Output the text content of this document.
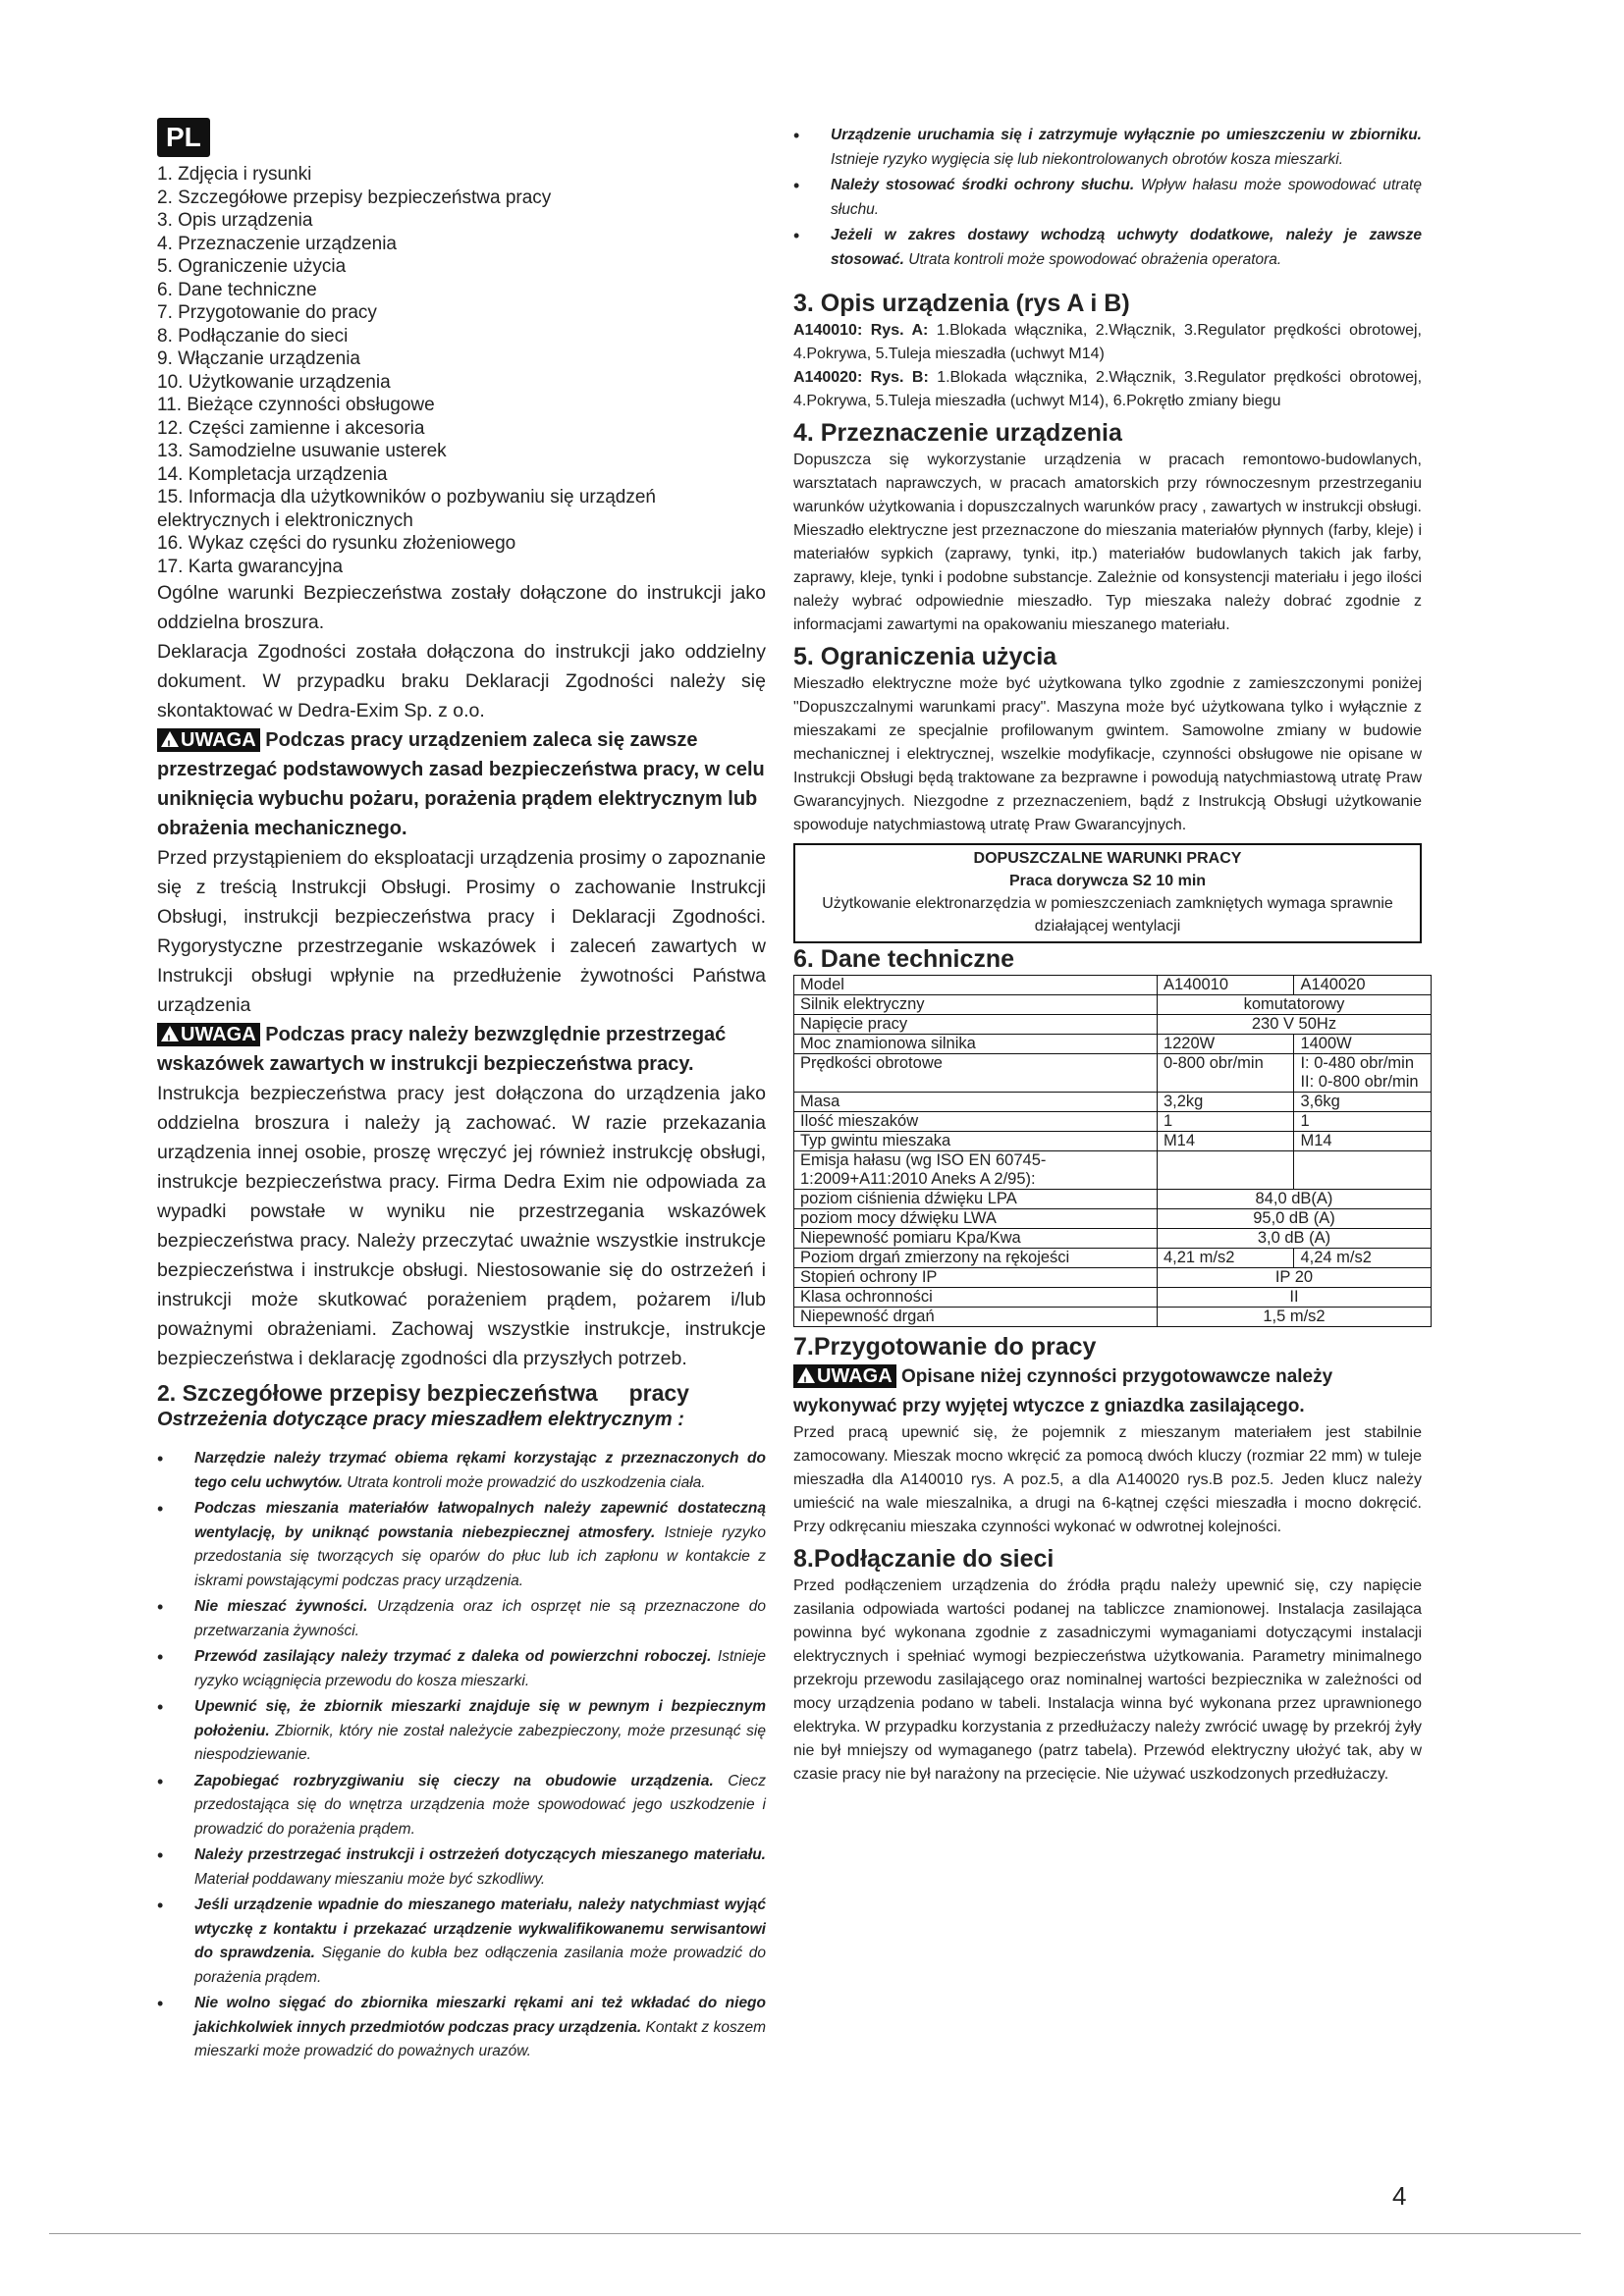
PL
1. Zdjęcia i rysunki
2. Szczegółowe przepisy bezpieczeństwa pracy
3. Opis urządzenia
4. Przeznaczenie urządzenia
5. Ograniczenie użycia
6. Dane techniczne
7. Przygotowanie do pracy
8. Podłączanie do sieci
9. Włączanie urządzenia
10. Użytkowanie urządzenia
11. Bieżące czynności obsługowe
12. Części zamienne i akcesoria
13. Samodzielne usuwanie usterek
14. Kompletacja urządzenia
15. Informacja dla użytkowników o pozbywaniu się urządzeń elektrycznych i elektronicznych
16. Wykaz części do rysunku złożeniowego
17. Karta gwarancyjna

Ogólne warunki Bezpieczeństwa zostały dołączone do instrukcji jako oddzielna broszura.

Deklaracja Zgodności została dołączona do instrukcji jako oddzielny dokument. W przypadku braku Deklaracji Zgodności należy się skontaktować w Dedra-Exim Sp. z o.o.

!UWAGA Podczas pracy urządzeniem zaleca się zawsze przestrzegać podstawowych zasad bezpieczeństwa pracy, w celu uniknięcia wybuchu pożaru, porażenia prądem elektrycznym lub obrażenia mechanicznego.

Przed przystąpieniem do eksploatacji urządzenia prosimy o zapoznanie się z treścią Instrukcji Obsługi. Prosimy o zachowanie Instrukcji Obsługi, instrukcji bezpieczeństwa pracy i Deklaracji Zgodności. Rygorystyczne przestrzeganie wskazówek i zaleceń zawartych w Instrukcji obsługi wpłynie na przedłużenie żywotności Państwa urządzenia

!UWAGA Podczas pracy należy bezwzględnie przestrzegać wskazówek zawartych w instrukcji bezpieczeństwa pracy.

Instrukcja bezpieczeństwa pracy jest dołączona do urządzenia jako oddzielna broszura i należy ją zachować. W razie przekazania urządzenia innej osobie, proszę wręczyć jej również instrukcję obsługi, instrukcje bezpieczeństwa pracy. Firma Dedra Exim nie odpowiada za wypadki powstałe w wyniku nie przestrzegania wskazówek bezpieczeństwa pracy. Należy przeczytać uważnie wszystkie instrukcje bezpieczeństwa i instrukcje obsługi. Niestosowanie się do ostrzeżeń i instrukcji może skutkować porażeniem prądem, pożarem i/lub poważnymi obrażeniami. Zachowaj wszystkie instrukcje, instrukcje bezpieczeństwa i deklarację zgodności dla przyszłych potrzeb.

2. Szczegółowe przepisy bezpieczeństwa     pracy
Ostrzeżenia dotyczące pracy mieszadłem elektrycznym :
• Narzędzie należy trzymać obiema rękami korzystając z przeznaczonych do tego celu uchwytów. Utrata kontroli może prowadzić do uszkodzenia ciała.
• Podczas mieszania materiałów łatwopalnych należy zapewnić dostateczną wentylację, by uniknąć powstania niebezpiecznej atmosfery. Istnieje ryzyko przedostania się tworzących się oparów do płuc lub ich zapłonu w kontakcie z iskrami powstającymi podczas pracy urządzenia.
• Nie mieszać żywności. Urządzenia oraz ich osprzęt nie są przeznaczone do przetwarzania żywności.
• Przewód zasilający należy trzymać z daleka od powierzchni roboczej. Istnieje ryzyko wciągnięcia przewodu do kosza mieszarki.
• Upewnić się, że zbiornik mieszarki znajduje się w pewnym i bezpiecznym położeniu. Zbiornik, który nie został należycie zabezpieczony, może przesunąć się niespodziewanie.
• Zapobiegać rozbryzgiwaniu się cieczy na obudowie urządzenia. Ciecz przedostająca się do wnętrza urządzenia może spowodować jego uszkodzenie i prowadzić do porażenia prądem.
• Należy przestrzegać instrukcji i ostrzeżeń dotyczących mieszanego materiału. Materiał poddawany mieszaniu może być szkodliwy.
• Jeśli urządzenie wpadnie do mieszanego materiału, należy natychmiast wyjąć wtyczkę z kontaktu i przekazać urządzenie wykwalifikowanemu serwisantowi do sprawdzenia. Sięganie do kubła bez odłączenia zasilania może prowadzić do porażenia prądem.
• Nie wolno sięgać do zbiornika mieszarki rękami ani też wkładać do niego jakichkolwiek innych przedmiotów podczas pracy urządzenia. Kontakt z koszem mieszarki może prowadzić do poważnych urazów.
• Urządzenie uruchamia się i zatrzymuje wyłącznie po umieszczeniu w zbiorniku. Istnieje ryzyko wygięcia się lub niekontrolowanych obrotów kosza mieszarki.
• Należy stosować środki ochrony słuchu. Wpływ hałasu może spowodować utratę słuchu.
• Jeżeli w zakres dostawy wchodzą uchwyty dodatkowe, należy je zawsze stosować. Utrata kontroli może spowodować obrażenia operatora.
3. Opis urządzenia (rys A i B)

A140010: Rys. A: 1.Blokada włącznika, 2.Włącznik, 3.Regulator prędkości obrotowej, 4.Pokrywa, 5.Tuleja mieszadła (uchwyt M14)

A140020: Rys. B: 1.Blokada włącznika, 2.Włącznik, 3.Regulator prędkości obrotowej, 4.Pokrywa, 5.Tuleja mieszadła (uchwyt M14), 6.Pokrętło zmiany biegu

4. Przeznaczenie urządzenia

Dopuszcza się wykorzystanie urządzenia w pracach remontowo-budowlanych, warsztatach naprawczych, w pracach amatorskich przy równoczesnym przestrzeganiu warunków użytkowania i dopuszczalnych warunków pracy , zawartych w instrukcji obsługi. Mieszadło elektryczne jest przeznaczone do mieszania materiałów płynnych (farby, kleje) i materiałów sypkich (zaprawy, tynki, itp.) materiałów budowlanych takich jak farby, zaprawy, kleje, tynki i podobne substancje. Zależnie od konsystencji materiału i jego ilości należy wybrać odpowiednie mieszadło. Typ mieszaka należy dobrać zgodnie z informacjami zawartymi na opakowaniu mieszanego materiału.

5. Ograniczenia użycia

Mieszadło elektryczne może być użytkowana tylko zgodnie z zamieszczonymi poniżej "Dopuszczalnymi warunkami pracy". Maszyna może być użytkowana tylko i wyłącznie z mieszakami ze specjalnie profilowanym gwintem. Samowolne zmiany w budowie mechanicznej i elektrycznej, wszelkie modyfikacje, czynności obsługowe nie opisane w Instrukcji Obsługi będą traktowane za bezprawne i powodują natychmiastową utratę Praw Gwarancyjnych. Niezgodne z przeznaczeniem, bądź z Instrukcją Obsługi użytkowanie spowoduje natychmiastową utratę Praw Gwarancyjnych.

DOPUSZCZALNE WARUNKI PRACY
Praca dorywcza S2 10 min
Użytkowanie elektronarzędzia w pomieszczeniach zamkniętych wymaga sprawnie działającej wentylacji
6. Dane techniczne
Model	A140010	A140020
Silnik elektryczny	komutatorowy	
Napięcie pracy	230 V 50Hz	
Moc znamionowa silnika	1220W	1400W
Prędkości obrotowe	0-800 obr/min	I: 0-480 obr/min II: 0-800 obr/min
Masa	3,2kg	3,6kg
Ilość mieszaków	1	1
Typ gwintu mieszaka	M14	M14
Emisja hałasu (wg ISO EN 60745-1:2009+A11:2010 Aneks A 2/95):		
poziom ciśnienia dźwięku LPA	84,0 dB(A)	
poziom mocy dźwięku LWA	95,0 dB (A)	
Niepewność pomiaru Kpa/Kwa	3,0 dB (A)	
Poziom drgań zmierzony na rękojeści	4,21 m/s2	4,24 m/s2
Stopień ochrony IP	IP 20	
Klasa ochronności	II	
Niepewność drgań	1,5 m/s2	
7.Przygotowanie do pracy

!UWAGA Opisane niżej czynności przygotowawcze należy wykonywać przy wyjętej wtyczce z gniazdka zasilającego.

Przed pracą upewnić się, że pojemnik z mieszanym materiałem jest stabilnie zamocowany. Mieszak mocno wkręcić za pomocą dwóch kluczy (rozmiar 22 mm) w tuleje mieszadła dla A140010 rys. A poz.5, a dla A140020 rys.B poz.5. Jeden klucz należy umieścić na wale mieszalnika, a drugi na 6-kątnej części mieszadła i mocno dokręcić. Przy odkręcaniu mieszaka czynności wykonać w odwrotnej kolejności.

8.Podłączanie do sieci

Przed podłączeniem urządzenia do źródła prądu należy upewnić się, czy napięcie zasilania odpowiada wartości podanej na tabliczce znamionowej. Instalacja zasilająca powinna być wykonana zgodnie z zasadniczymi wymaganiami dotyczącymi instalacji elektrycznych i spełniać wymogi bezpieczeństwa użytkowania. Parametry minimalnego przekroju przewodu zasilającego oraz nominalnej wartości bezpiecznika w zależności od mocy urządzenia podano w tabeli. Instalacja winna być wykonana przez uprawnionego elektryka. W przypadku korzystania z przedłużaczy należy zwrócić uwagę by przekrój żyły nie był mniejszy od wymaganego (patrz tabela). Przewód elektryczny ułożyć tak, aby w czasie pracy nie był narażony na przecięcie. Nie używać uszkodzonych przedłużaczy.

4
